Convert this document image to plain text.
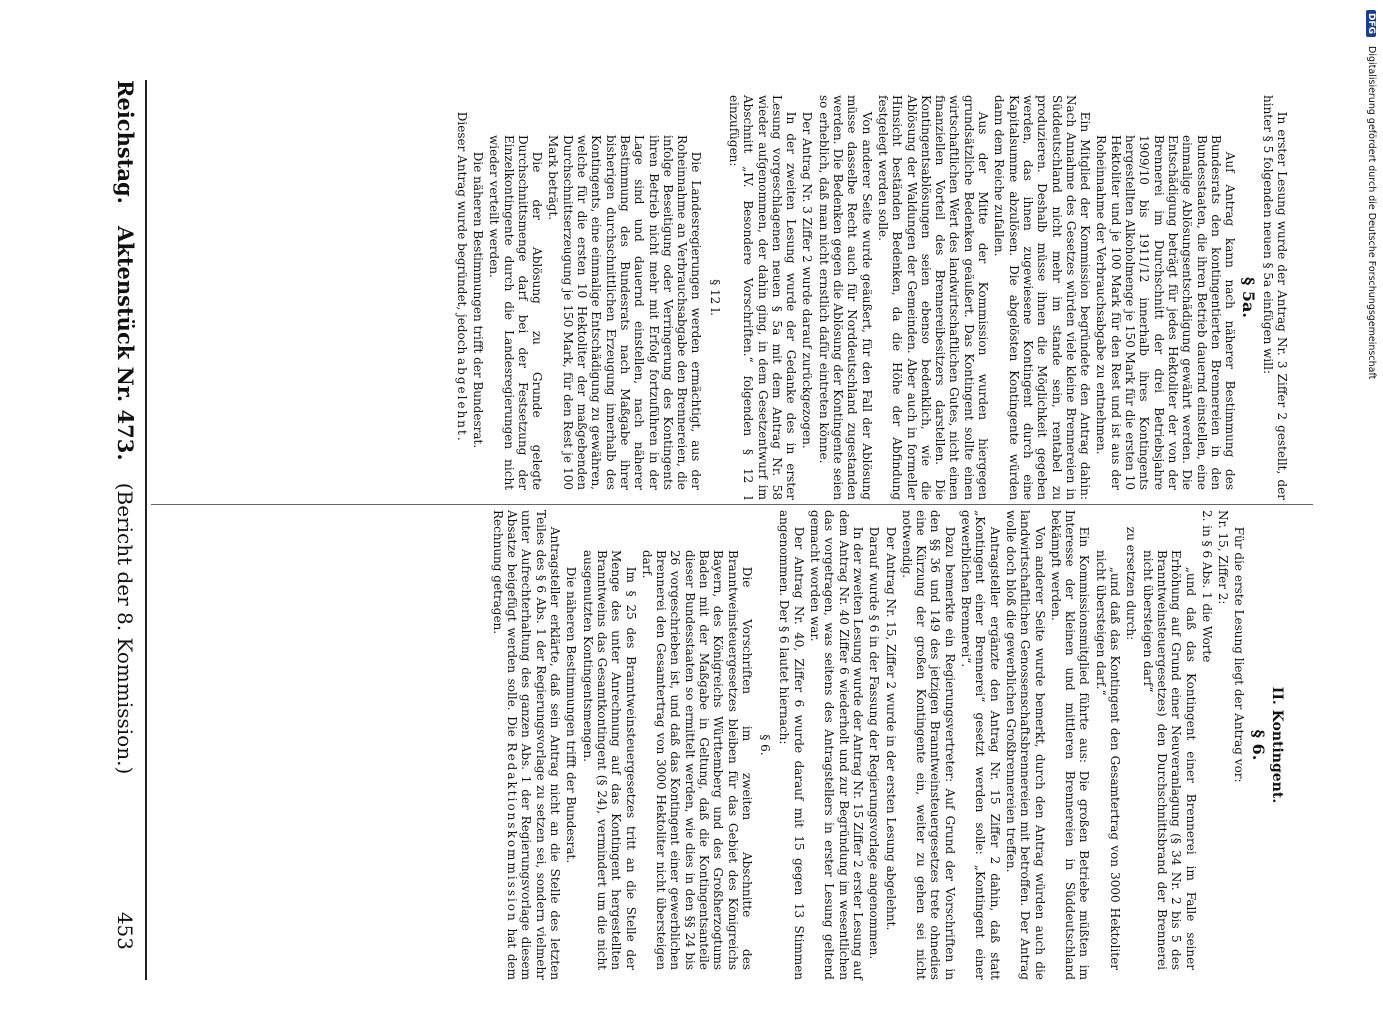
Reichstag.
Aktenstück Nr. 473.
(Bericht der 8. Kommission.)
453

In erster Lesung wurde der Antrag Nr. 3 Ziffer 2 gestellt, der hinter § 5 folgenden neuen § 5a einfügen will:

§ 5a.

Auf Antrag kann nach näherer Bestimmung des Bundesrats den kontingentierten Brennereien in den Bundesstaaten, die ihren Betrieb dauernd einstellen, eine einmalige Ablösungsentschädigung gewährt werden. Die Entschädigung beträgt für jedes Hektoliter der von der Brennerei im Durchschnitt der drei Betriebsjahre 1909/10 bis 1911/12 innerhalb ihres Kontingents hergestellten Alkoholmenge je 150 Mark für die ersten 10 Hektoliter und je 100 Mark für den Rest und ist aus der Roheinnahme der Verbrauchsabgabe zu entnehmen.

Ein Mitglied der Kommission begründete den Antrag dahin: Nach Annahme des Gesetzes würden viele kleine Brennereien in Süddeutschland nicht mehr im stande sein, rentabel zu produzieren. Deshalb müsse ihnen die Möglichkeit gegeben werden, das ihnen zugewiesene Kontingent durch eine Kapitalsumme abzulösen. Die abgelösten Kontingente würden dann dem Reiche zufallen.

Aus der Mitte der Kommission wurden hiergegen grundsätzliche Bedenken geäußert. Das Kontingent sollte einen wirtschaftlichen Wert des landwirtschaftlichen Gutes, nicht einen finanziellen Vorteil des Brennereibesitzers darstellen. Die Kontingentsablösungen seien ebenso bedenklich, wie die Ablösung der Waldungen der Gemeinden. Aber auch in formeller Hinsicht beständen Bedenken, da die Höhe der Abfindung festgelegt werden solle.

Von anderer Seite wurde geäußert, für den Fall der Ablösung müsse dasselbe Recht auch für Norddeutschland zugestanden werden. Die Bedenken gegen die Ablösung der Kontingente seien so erheblich, daß man nicht ernstlich dafür eintreten könne.

Der Antrag Nr. 3 Ziffer 2 wurde darauf zurückgezogen.

In der zweiten Lesung wurde der Gedanke des in erster Lesung vorgeschlagenen neuen § 5a mit dem Antrag Nr. 58 wieder aufgenommen, der dahin ging, in dem Gesetzentwurf im Abschnitt „IV. Besondere Vorschriften.“ folgenden § 12 l einzufügen:

§ 12 l.

Die Landesregierungen werden ermächtigt, aus der Roheinnahme an Verbrauchsabgabe den Brennereien, die infolge Beseitigung oder Verringerung des Kontingents ihren Betrieb nicht mehr mit Erfolg fortzuführen in der Lage sind und dauernd einstellen, nach näherer Bestimmung des Bundesrats nach Maßgabe ihrer bisherigen durchschnittlichen Erzeugung innerhalb des Kontingents, eine einmalige Entschädigung zu gewähren, welche für die ersten 10 Hektoliter der maßgebenden Durchschnittserzeugung je 150 Mark, für den Rest je 100 Mark beträgt.

Die der Ablösung zu Grunde gelegte Durchschnittsmenge darf bei der Festsetzung der Einzelkontingente durch die Landesregierungen nicht wieder verteilt werden.

Die näheren Bestimmungen trifft der Bundesrat.

Dieser Antrag wurde begründet, jedoch abgelehnt.

II. Kontingent.
§ 6.

Für die erste Lesung liegt der Antrag vor:

Nr. 15, Ziffer 2:

2. in § 6 Abs. 1 die Worte

„und daß das Kontingent einer Brennerei im Falle seiner Erhöhung auf Grund einer Neuveranlagung (§ 34 Nr. 2 bis 5 des Branntweinsteuergesetzes) den Durchschnittsbrand der Brennerei nicht übersteigen darf“

zu ersetzen durch:

„und daß das Kontingent den Gesamtertrag von 3000 Hektoliter nicht übersteigen darf.“

Ein Kommissionsmitglied führte aus: Die großen Betriebe müßten im Interesse der kleinen und mittleren Brennereien in Süddeutschland bekämpft werden.

Von anderer Seite wurde bemerkt, durch den Antrag würden auch die landwirtschaftlichen Genossenschaftsbrennereien mit betroffen. Der Antrag wolle doch bloß die gewerblichen Großbrennereien treffen.

Antragsteller ergänzte den Antrag Nr. 15 Ziffer 2 dahin, daß statt „Kontingent einer Brennerei“ gesetzt werden solle: „Kontingent einer gewerblichen Brennerei“.

Dazu bemerkte ein Regierungsvertreter: Auf Grund der Vorschriften in den §§ 36 und 149 des jetzigen Branntweinsteuergesetzes trete ohnedies eine Kürzung der großen Kontingente ein, weiter zu gehen sei nicht notwendig.

Der Antrag Nr. 15, Ziffer 2 wurde in der ersten Lesung abgelehnt.

Darauf wurde § 6 in der Fassung der Regierungsvorlage angenommen.

In der zweiten Lesung wurde der Antrag Nr. 15 Ziffer 2 erster Lesung auf dem Antrag Nr. 40 Ziffer 6 wiederholt und zur Begründung im wesentlichen das vorgetragen, was seitens des Antragstellers in erster Lesung geltend gemacht worden war.

Der Antrag Nr. 40, Ziffer 6 wurde darauf mit 15 gegen 13 Stimmen angenommen. Der § 6 lautet hiernach:

§ 6.

Die Vorschriften im zweiten Abschnitte des Branntweinsteuergesetzes bleiben für das Gebiet des Königreichs Bayern, des Königreichs Württemberg und des Großherzogtums Baden mit der Maßgabe in Geltung, daß die Kontingentsanteile dieser Bundesstaaten so ermittelt werden, wie dies in den §§ 24 bis 26 vorgeschrieben ist, und daß das Kontingent einer gewerblichen Brennerei den Gesamtertrag von 3000 Hektoliter nicht übersteigen darf.

Im § 25 des Branntweinsteuergesetzes tritt an die Stelle der Menge des unter Anrechnung auf das Kontingent hergestellten Branntweins das Gesamtkontingent (§ 24), vermindert um die nicht ausgenutzten Kontingentsmengen.

Die näheren Bestimmungen trifft der Bundesrat.

Antragsteller erklärte, daß sein Antrag nicht an die Stelle des letzten Teiles des § 6 Abs. 1 der Regierungsvorlage zu setzen sei, sondern vielmehr unter Aufrechterhaltung des ganzen Abs. 1 der Regierungsvorlage diesem Absatze beigefügt werden solle. Die Redaktionskommission hat dem Rechnung getragen.

DFG Digitalisierung gefördert durch die Deutsche Forschungsgemeinschaft
